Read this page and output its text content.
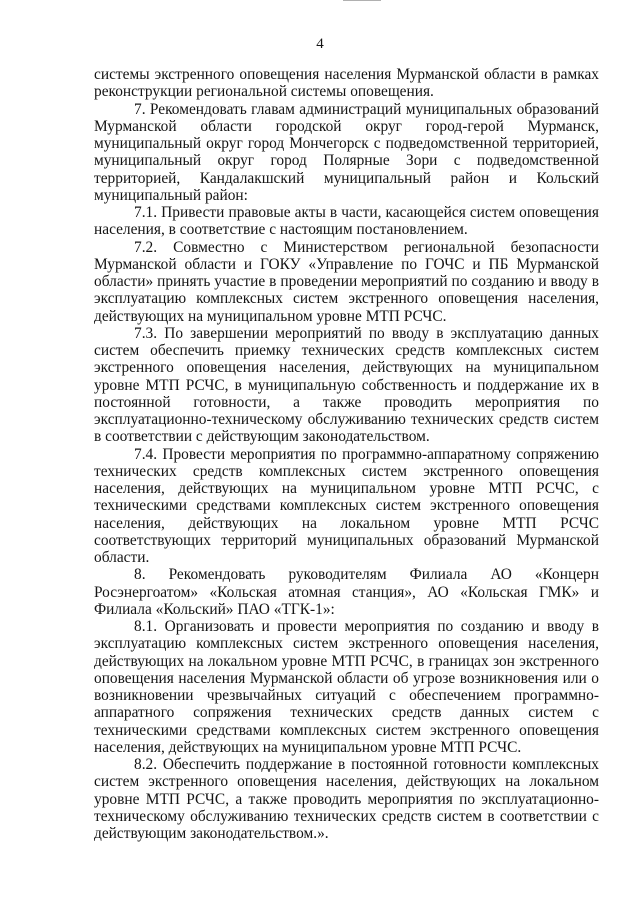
4

системы экстренного оповещения населения Мурманской области в рамках реконструкции региональной системы оповещения.

7. Рекомендовать главам администраций муниципальных образований Мурманской области городской округ город-герой Мурманск, муниципальный округ город Мончегорск с подведомственной территорией, муниципальный округ город Полярные Зори с подведомственной территорией, Кандалакшский муниципальный район и Кольский муниципальный район:

7.1. Привести правовые акты в части, касающейся систем оповещения населения, в соответствие с настоящим постановлением.

7.2. Совместно с Министерством региональной безопасности Мурманской области и ГОКУ «Управление по ГОЧС и ПБ Мурманской области» принять участие в проведении мероприятий по созданию и вводу в эксплуатацию комплексных систем экстренного оповещения населения, действующих на муниципальном уровне МТП РСЧС.

7.3. По завершении мероприятий по вводу в эксплуатацию данных систем обеспечить приемку технических средств комплексных систем экстренного оповещения населения, действующих на муниципальном уровне МТП РСЧС, в муниципальную собственность и поддержание их в постоянной готовности, а также проводить мероприятия по эксплуатационно-техническому обслуживанию технических средств систем в соответствии с действующим законодательством.

7.4. Провести мероприятия по программно-аппаратному сопряжению технических средств комплексных систем экстренного оповещения населения, действующих на муниципальном уровне МТП РСЧС, с техническими средствами комплексных систем экстренного оповещения населения, действующих на локальном уровне МТП РСЧС соответствующих территорий муниципальных образований Мурманской области.

8. Рекомендовать руководителям Филиала АО «Концерн Росэнергоатом» «Кольская атомная станция», АО «Кольская ГМК» и Филиала «Кольский» ПАО «ТГК-1»:

8.1. Организовать и провести мероприятия по созданию и вводу в эксплуатацию комплексных систем экстренного оповещения населения, действующих на локальном уровне МТП РСЧС, в границах зон экстренного оповещения населения Мурманской области об угрозе возникновения или о возникновении чрезвычайных ситуаций с обеспечением программно-аппаратного сопряжения технических средств данных систем с техническими средствами комплексных систем экстренного оповещения населения, действующих на муниципальном уровне МТП РСЧС.

8.2. Обеспечить поддержание в постоянной готовности комплексных систем экстренного оповещения населения, действующих на локальном уровне МТП РСЧС, а также проводить мероприятия по эксплуатационно-техническому обслуживанию технических средств систем в соответствии с действующим законодательством.».
